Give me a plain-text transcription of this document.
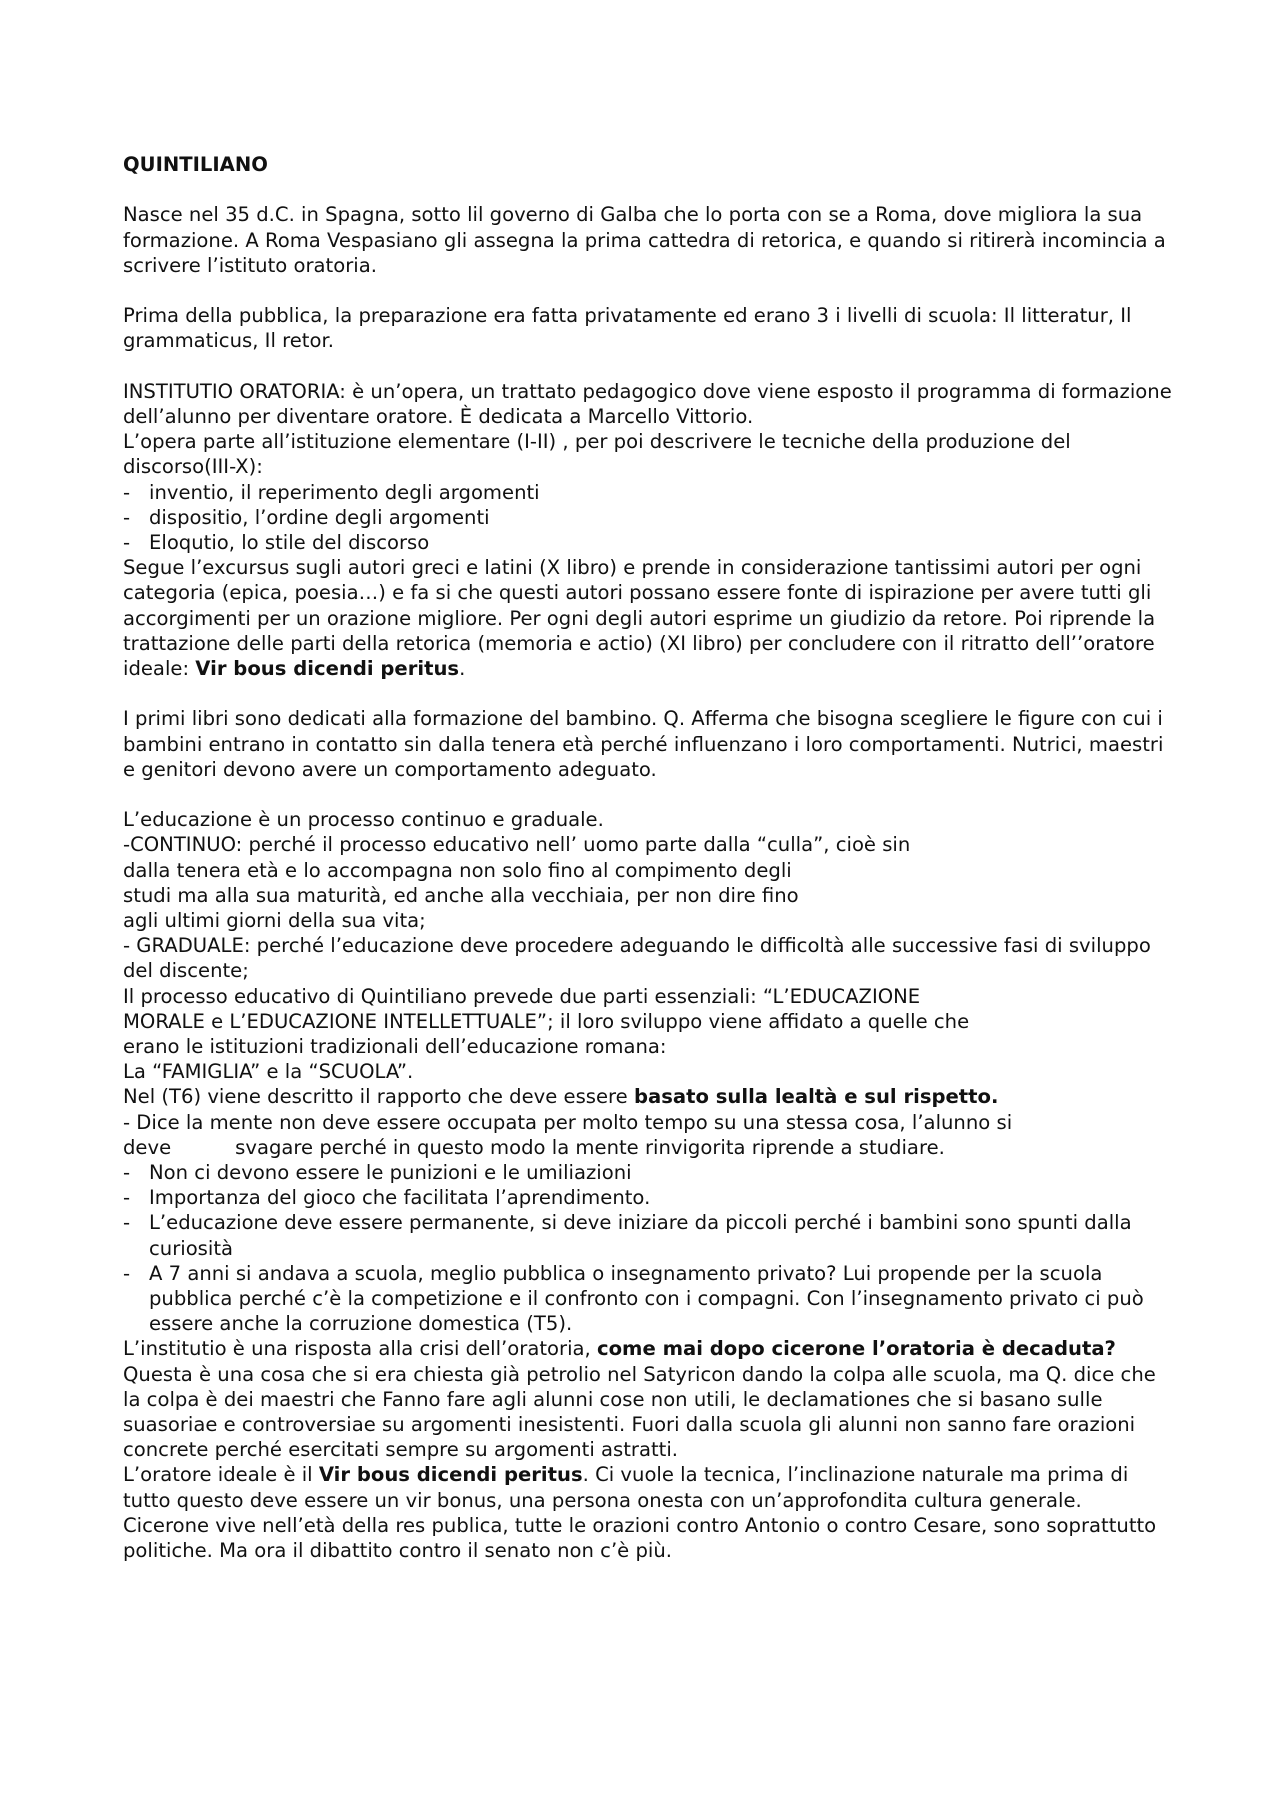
QUINTILIANO

Nasce nel 35 d.C. in Spagna, sotto lil governo di Galba che lo porta con se a Roma, dove migliora la sua formazione. A Roma Vespasiano gli assegna la prima cattedra di retorica, e quando si ritirerà incomincia a scrivere l’istituto oratoria.

Prima della pubblica, la preparazione era fatta privatamente ed erano 3 i livelli di scuola: Il litteratur, Il grammaticus, Il retor.

INSTITUTIO ORATORIA: è un’opera, un trattato pedagogico dove viene esposto il programma di formazione dell’alunno per diventare oratore. È dedicata a Marcello Vittorio.

L’opera parte all’istituzione elementare (I-II) , per poi descrivere le tecniche della produzione del discorso(III-X):

- inventio, il reperimento degli argomenti
- dispositio, l’ordine degli argomenti
- Eloqutio, lo stile del discorso

Segue l’excursus sugli autori greci e latini (X libro) e prende in considerazione tantissimi autori per ogni categoria (epica, poesia…) e fa si che questi autori possano essere fonte di ispirazione per avere tutti gli accorgimenti per un orazione migliore. Per ogni degli autori esprime un giudizio da retore. Poi riprende la trattazione delle parti della retorica (memoria e actio) (XI libro) per concludere con il ritratto dell’’oratore ideale: Vir bous dicendi peritus.

I primi libri sono dedicati alla formazione del bambino. Q. Afferma che bisogna scegliere le figure con cui i bambini entrano in contatto sin dalla tenera età perché influenzano i loro comportamenti. Nutrici, maestri e genitori devono avere un comportamento adeguato.

L’educazione è un processo continuo e graduale.

-CONTINUO: perché il processo educativo nell’ uomo parte dalla “culla”, cioè sin

dalla tenera età e lo accompagna non solo fino al compimento degli

studi ma alla sua maturità, ed anche alla vecchiaia, per non dire fino

agli ultimi giorni della sua vita;

- GRADUALE: perché l’educazione deve procedere adeguando le difficoltà alle successive fasi di sviluppo del discente;

Il processo educativo di Quintiliano prevede due parti essenziali: “L’EDUCAZIONE

MORALE e L’EDUCAZIONE INTELLETTUALE”; il loro sviluppo viene affidato a quelle che

erano le istituzioni tradizionali dell’educazione romana:

La “FAMIGLIA” e la “SCUOLA”.

Nel (T6) viene descritto il rapporto che deve essere basato sulla lealtà e sul rispetto.

- Dice la mente non deve essere occupata per molto tempo su una stessa cosa, l’alunno si

deve	svagare perché in questo modo la mente rinvigorita riprende a studiare.

- Non ci devono essere le punizioni e le umiliazioni
- Importanza del gioco che facilitata l’aprendimento.
- L’educazione deve essere permanente, si deve iniziare da piccoli perché i bambini sono spunti dalla curiosità
- A 7 anni si andava a scuola, meglio pubblica o insegnamento privato? Lui propende per la scuola pubblica perché c’è la competizione e il confronto con i compagni. Con l’insegnamento privato ci può essere anche la corruzione domestica (T5).

L’institutio è una risposta alla crisi dell’oratoria, come mai dopo cicerone l’oratoria è decaduta? Questa è una cosa che si era chiesta già petrolio nel Satyricon dando la colpa alle scuola, ma Q. dice che la colpa è dei maestri che Fanno fare agli alunni cose non utili, le declamationes che si basano sulle suasoriae e controversiae su argomenti inesistenti. Fuori dalla scuola gli alunni non sanno fare orazioni concrete perché esercitati sempre su argomenti astratti.

L’oratore ideale è il Vir bous dicendi peritus. Ci vuole la tecnica, l’inclinazione naturale ma prima di tutto questo deve essere un vir bonus, una persona onesta con un’approfondita cultura generale.

Cicerone vive nell’età della res publica, tutte le orazioni contro Antonio o contro Cesare, sono soprattutto politiche. Ma ora il dibattito contro il senato non c’è più.
